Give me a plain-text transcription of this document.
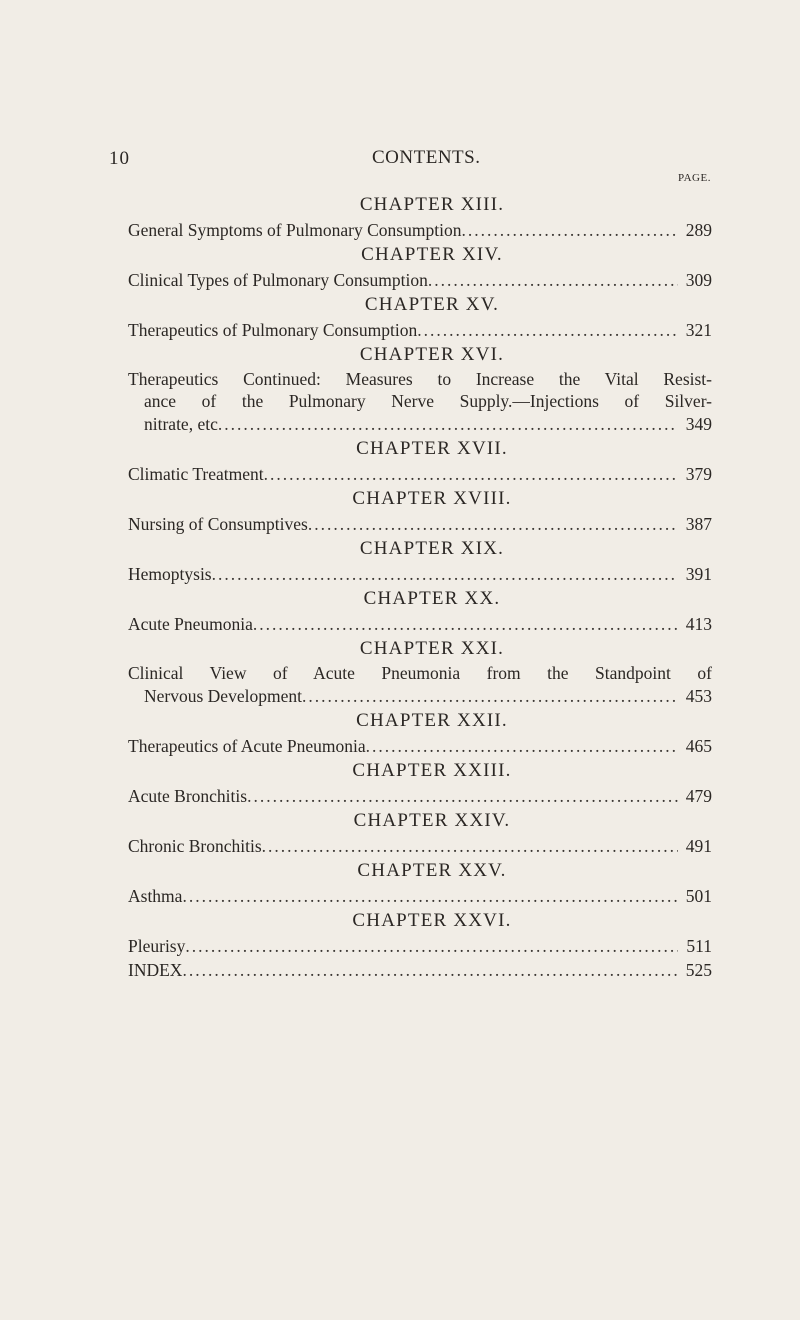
10	CONTENTS.
PAGE.
CHAPTER XIII.
General Symptoms of Pulmonary Consumption .....	289
CHAPTER XIV.
Clinical Types of Pulmonary Consumption .....	309
CHAPTER XV.
Therapeutics of Pulmonary Consumption .....	321
CHAPTER XVI.
Therapeutics Continued: Measures to Increase the Vital Resist-
ance of the Pulmonary Nerve Supply.—Injections of Silver-
nitrate, etc .....	349
CHAPTER XVII.
Climatic Treatment .....	379
CHAPTER XVIII.
Nursing of Consumptives .....	387
CHAPTER XIX.
Hemoptysis .....	391
CHAPTER XX.
Acute Pneumonia .....	413
CHAPTER XXI.
Clinical View of Acute Pneumonia from the Standpoint of
Nervous Development .....	453
CHAPTER XXII.
Therapeutics of Acute Pneumonia .....	465
CHAPTER XXIII.
Acute Bronchitis .....	479
CHAPTER XXIV.
Chronic Bronchitis .....	491
CHAPTER XXV.
Asthma .....	501
CHAPTER XXVI.
Pleurisy .....	511
INDEX .....	525
